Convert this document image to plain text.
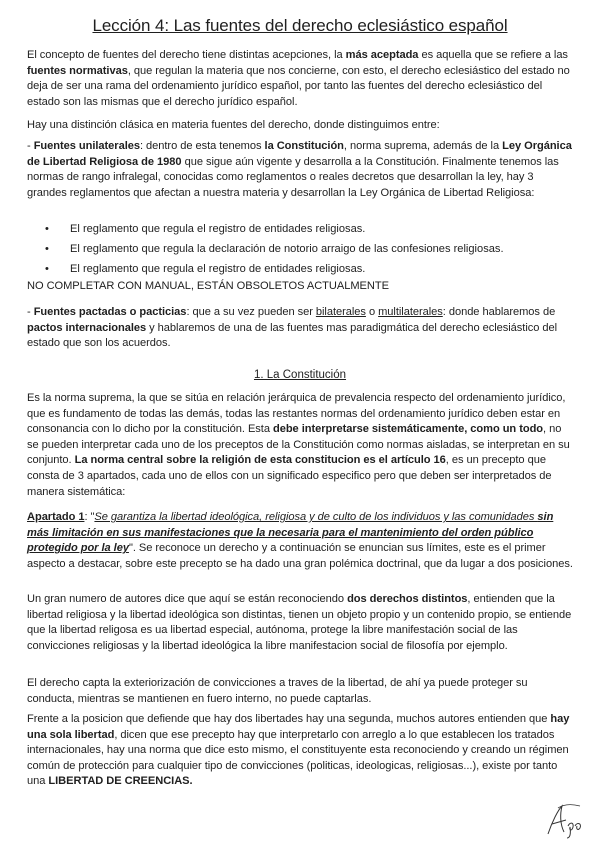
Lección 4: Las fuentes del derecho eclesiástico español

El concepto de fuentes del derecho tiene distintas acepciones, la más aceptada es aquella que se refiere a las fuentes normativas, que regulan la materia que nos concierne, con esto, el derecho eclesiástico del estado no deja de ser una rama del ordenamiento jurídico español, por tanto las fuentes del derecho eclesiástico del estado son las mismas que el derecho jurídico español.

Hay una distinción clásica en materia fuentes del derecho, donde distinguimos entre:

- Fuentes unilaterales: dentro de esta tenemos la Constitución, norma suprema, además de la Ley Orgánica de Libertad Religiosa de 1980 que sigue aún vigente y desarrolla a la Constitución. Finalmente tenemos las normas de rango infralegal, conocidas como reglamentos o reales decretos que desarrollan la ley, hay 3 grandes reglamentos que afectan a nuestra materia y desarrollan la Ley Orgánica de Libertad Religiosa:

• El reglamento que regula el registro de entidades religiosas.
• El reglamento que regula la declaración de notorio arraigo de las confesiones religiosas.
• El reglamento que regula el registro de entidades religiosas.

NO COMPLETAR CON MANUAL, ESTÁN OBSOLETOS ACTUALMENTE

- Fuentes pactadas o pacticias: que a su vez pueden ser bilaterales o multilaterales: donde hablaremos de pactos internacionales y hablaremos de una de las fuentes mas paradigmática del derecho eclesiástico del estado que son los acuerdos.

1. La Constitución

Es la norma suprema, la que se sitúa en relación jerárquica de prevalencia respecto del ordenamiento jurídico, que es fundamento de todas las demás, todas las restantes normas del ordenamiento jurídico deben estar en consonancia con lo dicho por la constitución. Esta debe interpretarse sistemáticamente, como un todo, no se pueden interpretar cada uno de los preceptos de la Constitución como normas aisladas, se interpretan en su conjunto. La norma central sobre la religión de esta constitucion es el artículo 16, es un precepto que consta de 3 apartados, cada uno de ellos con un significado especifico pero que deben ser interpretados de manera sistemática:

Apartado 1: "Se garantiza la libertad ideológica, religiosa y de culto de los individuos y las comunidades sin más limitación en sus manifestaciones que la necesaria para el mantenimiento del orden público protegido por la ley". Se reconoce un derecho y a continuación se enuncian sus límites, este es el primer aspecto a destacar, sobre este precepto se ha dado una gran polémica doctrinal, que da lugar a dos posiciones.

Un gran numero de autores dice que aquí se están reconociendo dos derechos distintos, entienden que la libertad religiosa y la libertad ideológica son distintas, tienen un objeto propio y un contenido propio, se entiende que la libertad religosa es ua libertad especial, autónoma, protege la libre manifestación social de las convicciones religiosas y la libertad ideológica la libre manifestacion social de filosofía por ejemplo.

El derecho capta la exteriorización de convicciones a traves de la libertad, de ahí ya puede proteger su conducta, mientras se mantienen en fuero interno, no puede captarlas.

Frente a la posicion que defiende que hay dos libertades hay una segunda, muchos autores entienden que hay una sola libertad, dicen que ese precepto hay que interpretarlo con arreglo a lo que establecen los tratados internacionales, hay una norma que dice esto mismo, el constituyente esta reconociendo y creando un régimen común de protección para cualquier tipo de convicciones (politicas, ideologicas, religiosas...), existe por tanto una LIBERTAD DE CREENCIAS.
